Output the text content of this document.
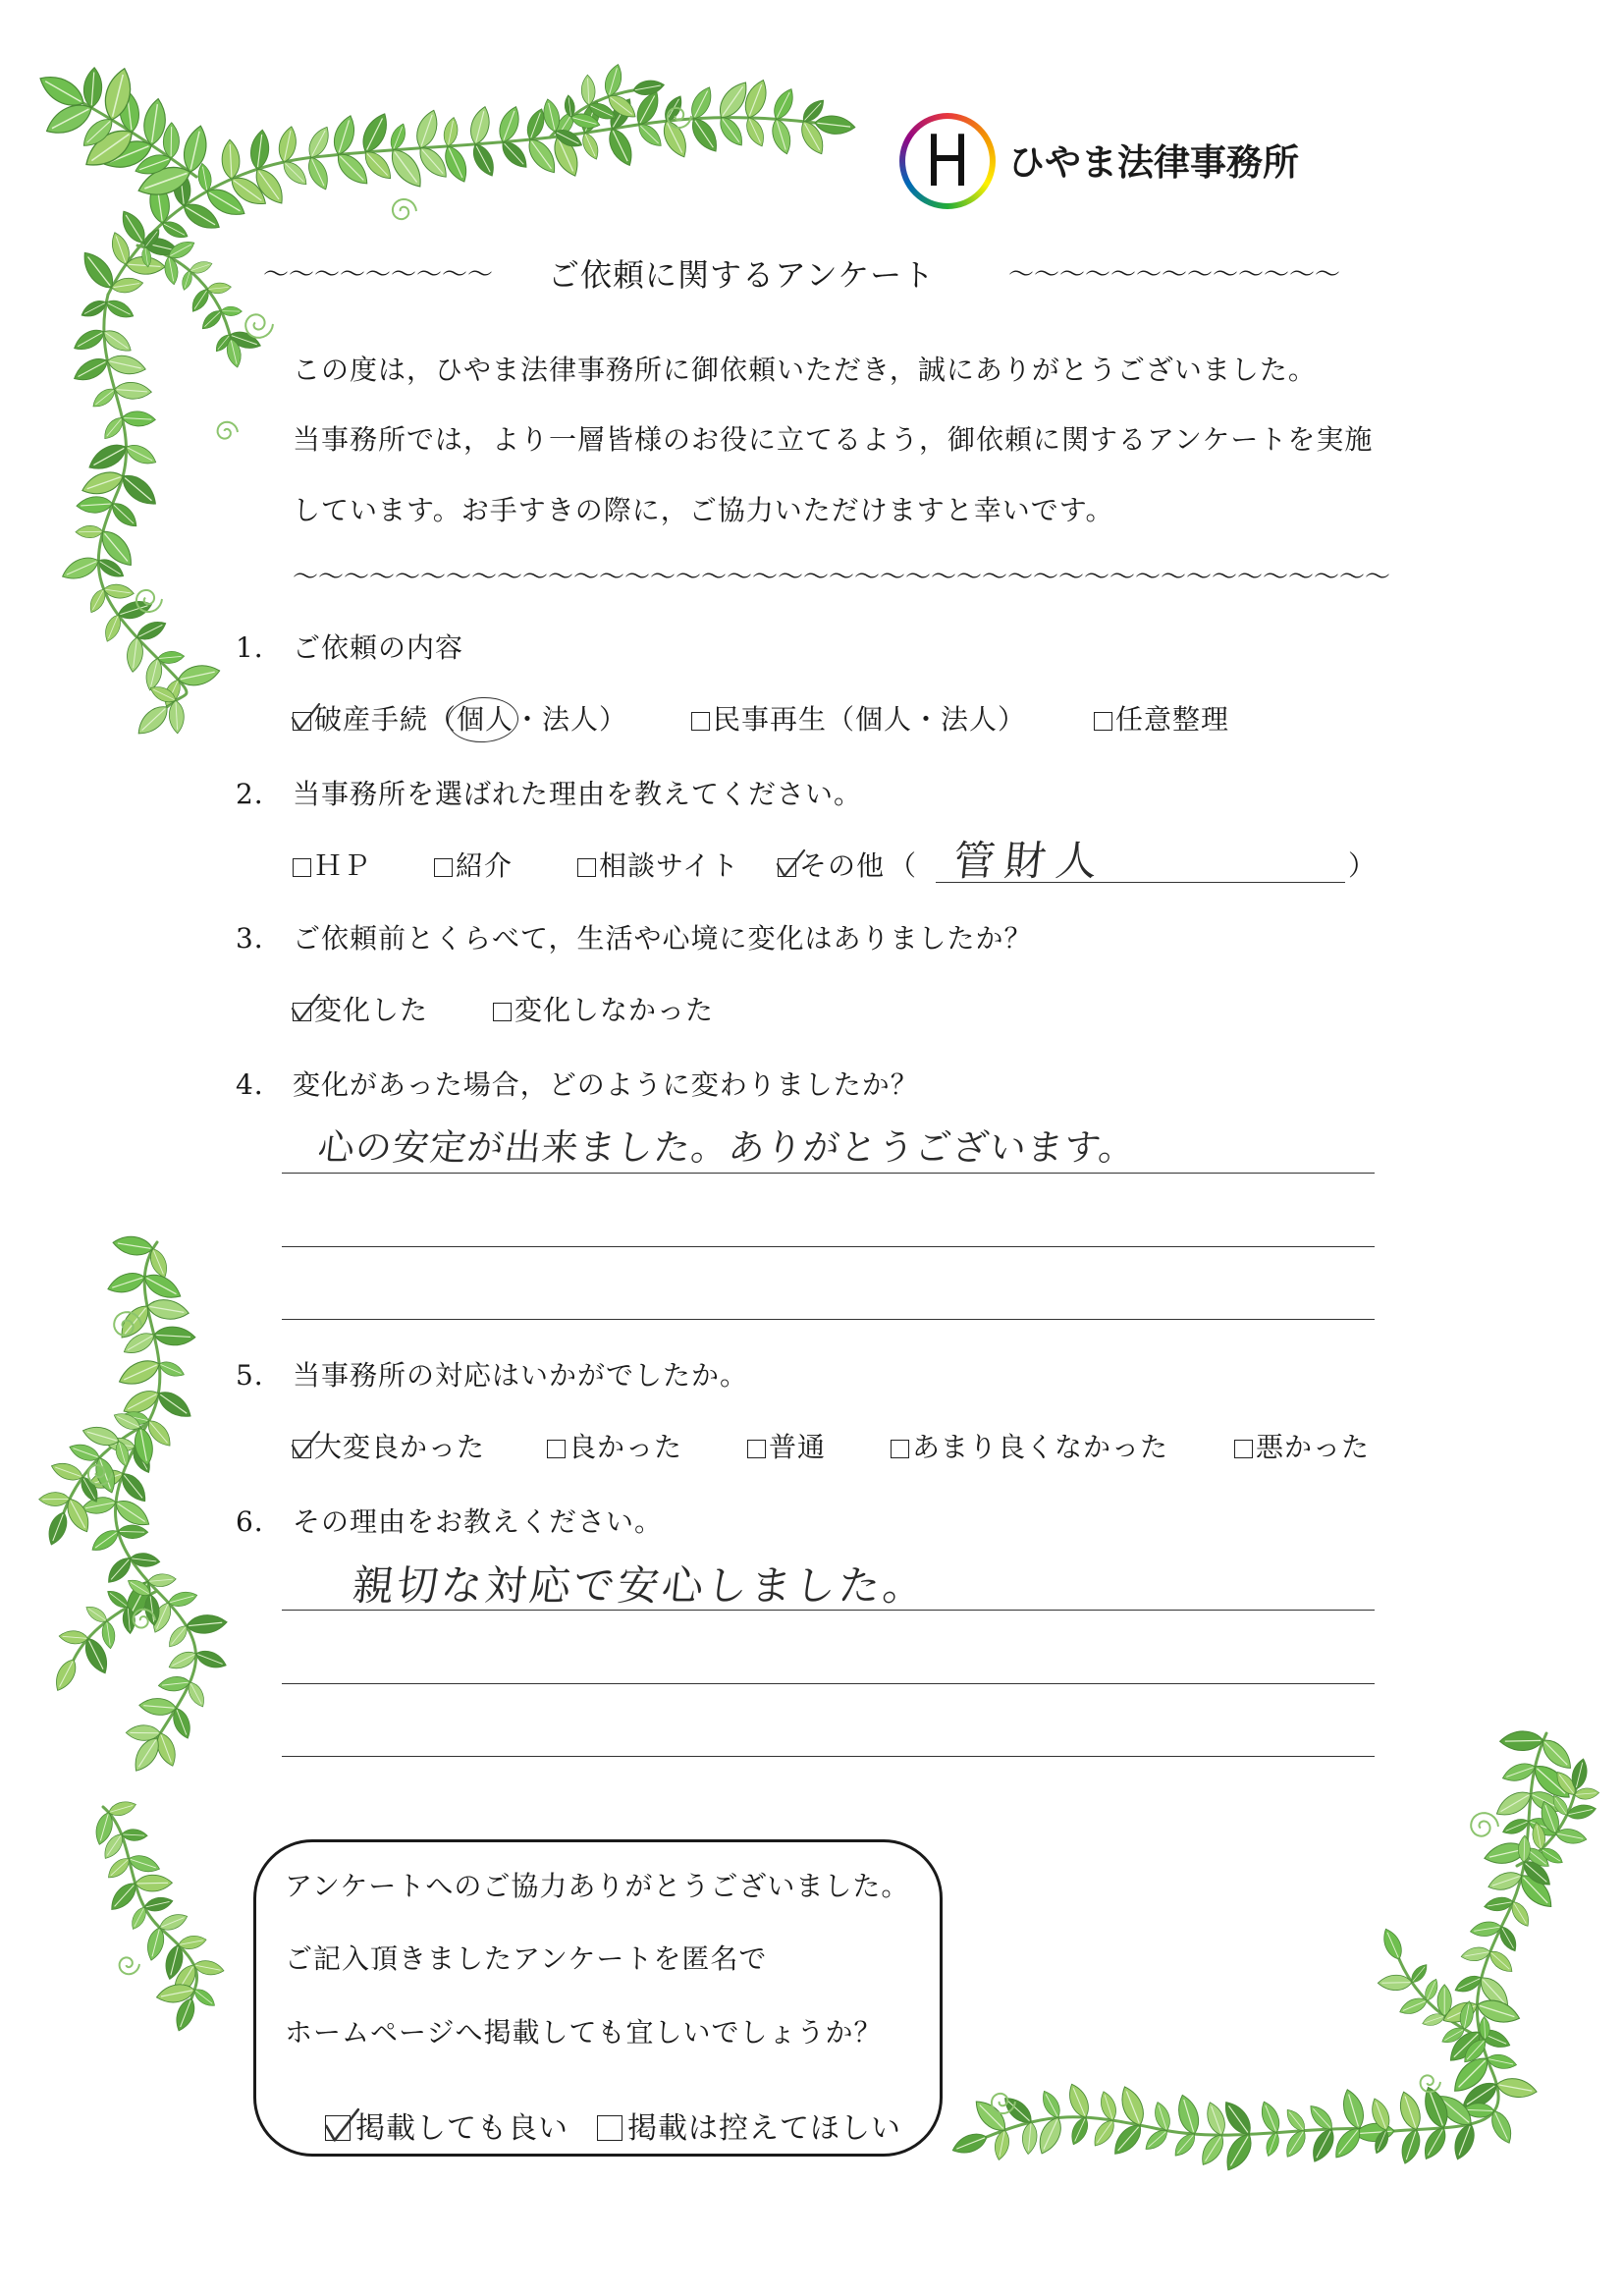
H	ひやま法律事務所
～～～～～～～～～ ご依頼に関するアンケート	～～～～～～～～～～～～～
この度は，ひやま法律事務所に御依頼いただき，誠にありがとうございました。
当事務所では，より一層皆様のお役に立てるよう，御依頼に関するアンケートを実施
しています。お手すきの際に，ご協力いただけますと幸いです。
～～～～～～～～～～～～～～～～～～～～～～～～～～～～～～～～～～～～～～～～～～～
1． ご依頼の内容
破産手続（個人・法人）	民事再生（個人・法人）	任意整理
2． 当事務所を選ばれた理由を教えてください。
ＨＰ	紹介	相談サイト	その他 （ 管財人	）
3． ご依頼前とくらべて，生活や心境に変化はありましたか？
変化した	変化しなかった
4． 変化があった場合，どのように変わりましたか？
心の安定が出来ました。ありがとうございます。
5． 当事務所の対応はいかがでしたか。
大変良かった	良かった	普通	あまり良くなかった	悪かった
6． その理由をお教えください。
親切な対応で安心しました。
アンケートへのご協力ありがとうございました。
ご記入頂きましたアンケートを匿名で
ホームページへ掲載しても宜しいでしょうか？
掲載しても良い	掲載は控えてほしい
